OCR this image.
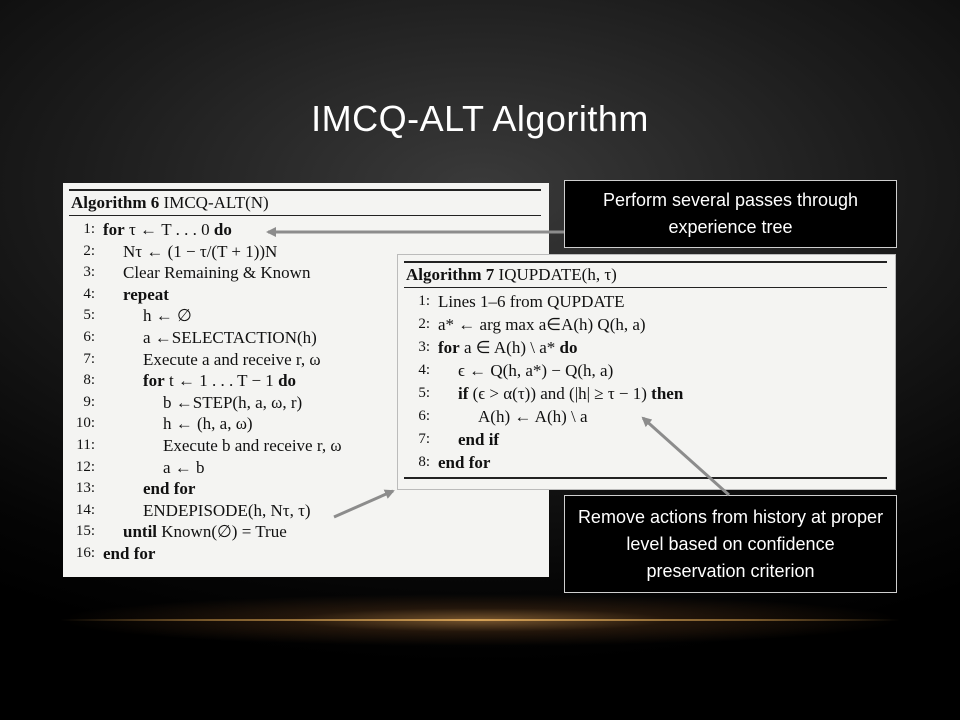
IMCQ-ALT Algorithm
Algorithm 6 IMCQ-ALT(N)
1: for τ ← T . . . 0 do
2: Nτ ← (1 − τ/(T + 1))N
3: Clear Remaining & Known
4: repeat
5:	h ← ∅
6:	a ←SELECTACTION(h)
7:	Execute a and receive r, ω
8:	for t ← 1 . . . T − 1 do
9:	b ←STEP(h, a, ω, r)
10:	h ← (h, a, ω)
11:	Execute b and receive r, ω
12:	a ← b
13:	end for
14:	ENDEPISODE(h, Nτ, τ)
15: until Known(∅) = True
16: end for
Algorithm 7 IQUPDATE(h, τ)
1: Lines 1–6 from QUPDATE
2: a* ← arg max a∈A(h) Q(h, a)
3: for a ∈ A(h) \ a* do
4: ϵ ← Q(h, a*) − Q(h, a)
5: if (ϵ > α(τ)) and (|h| ≥ τ − 1) then
6:	A(h) ← A(h) \ a
7: end if
8: end for
Perform several passes through experience tree
Remove actions from history at proper level based on confidence preservation criterion
